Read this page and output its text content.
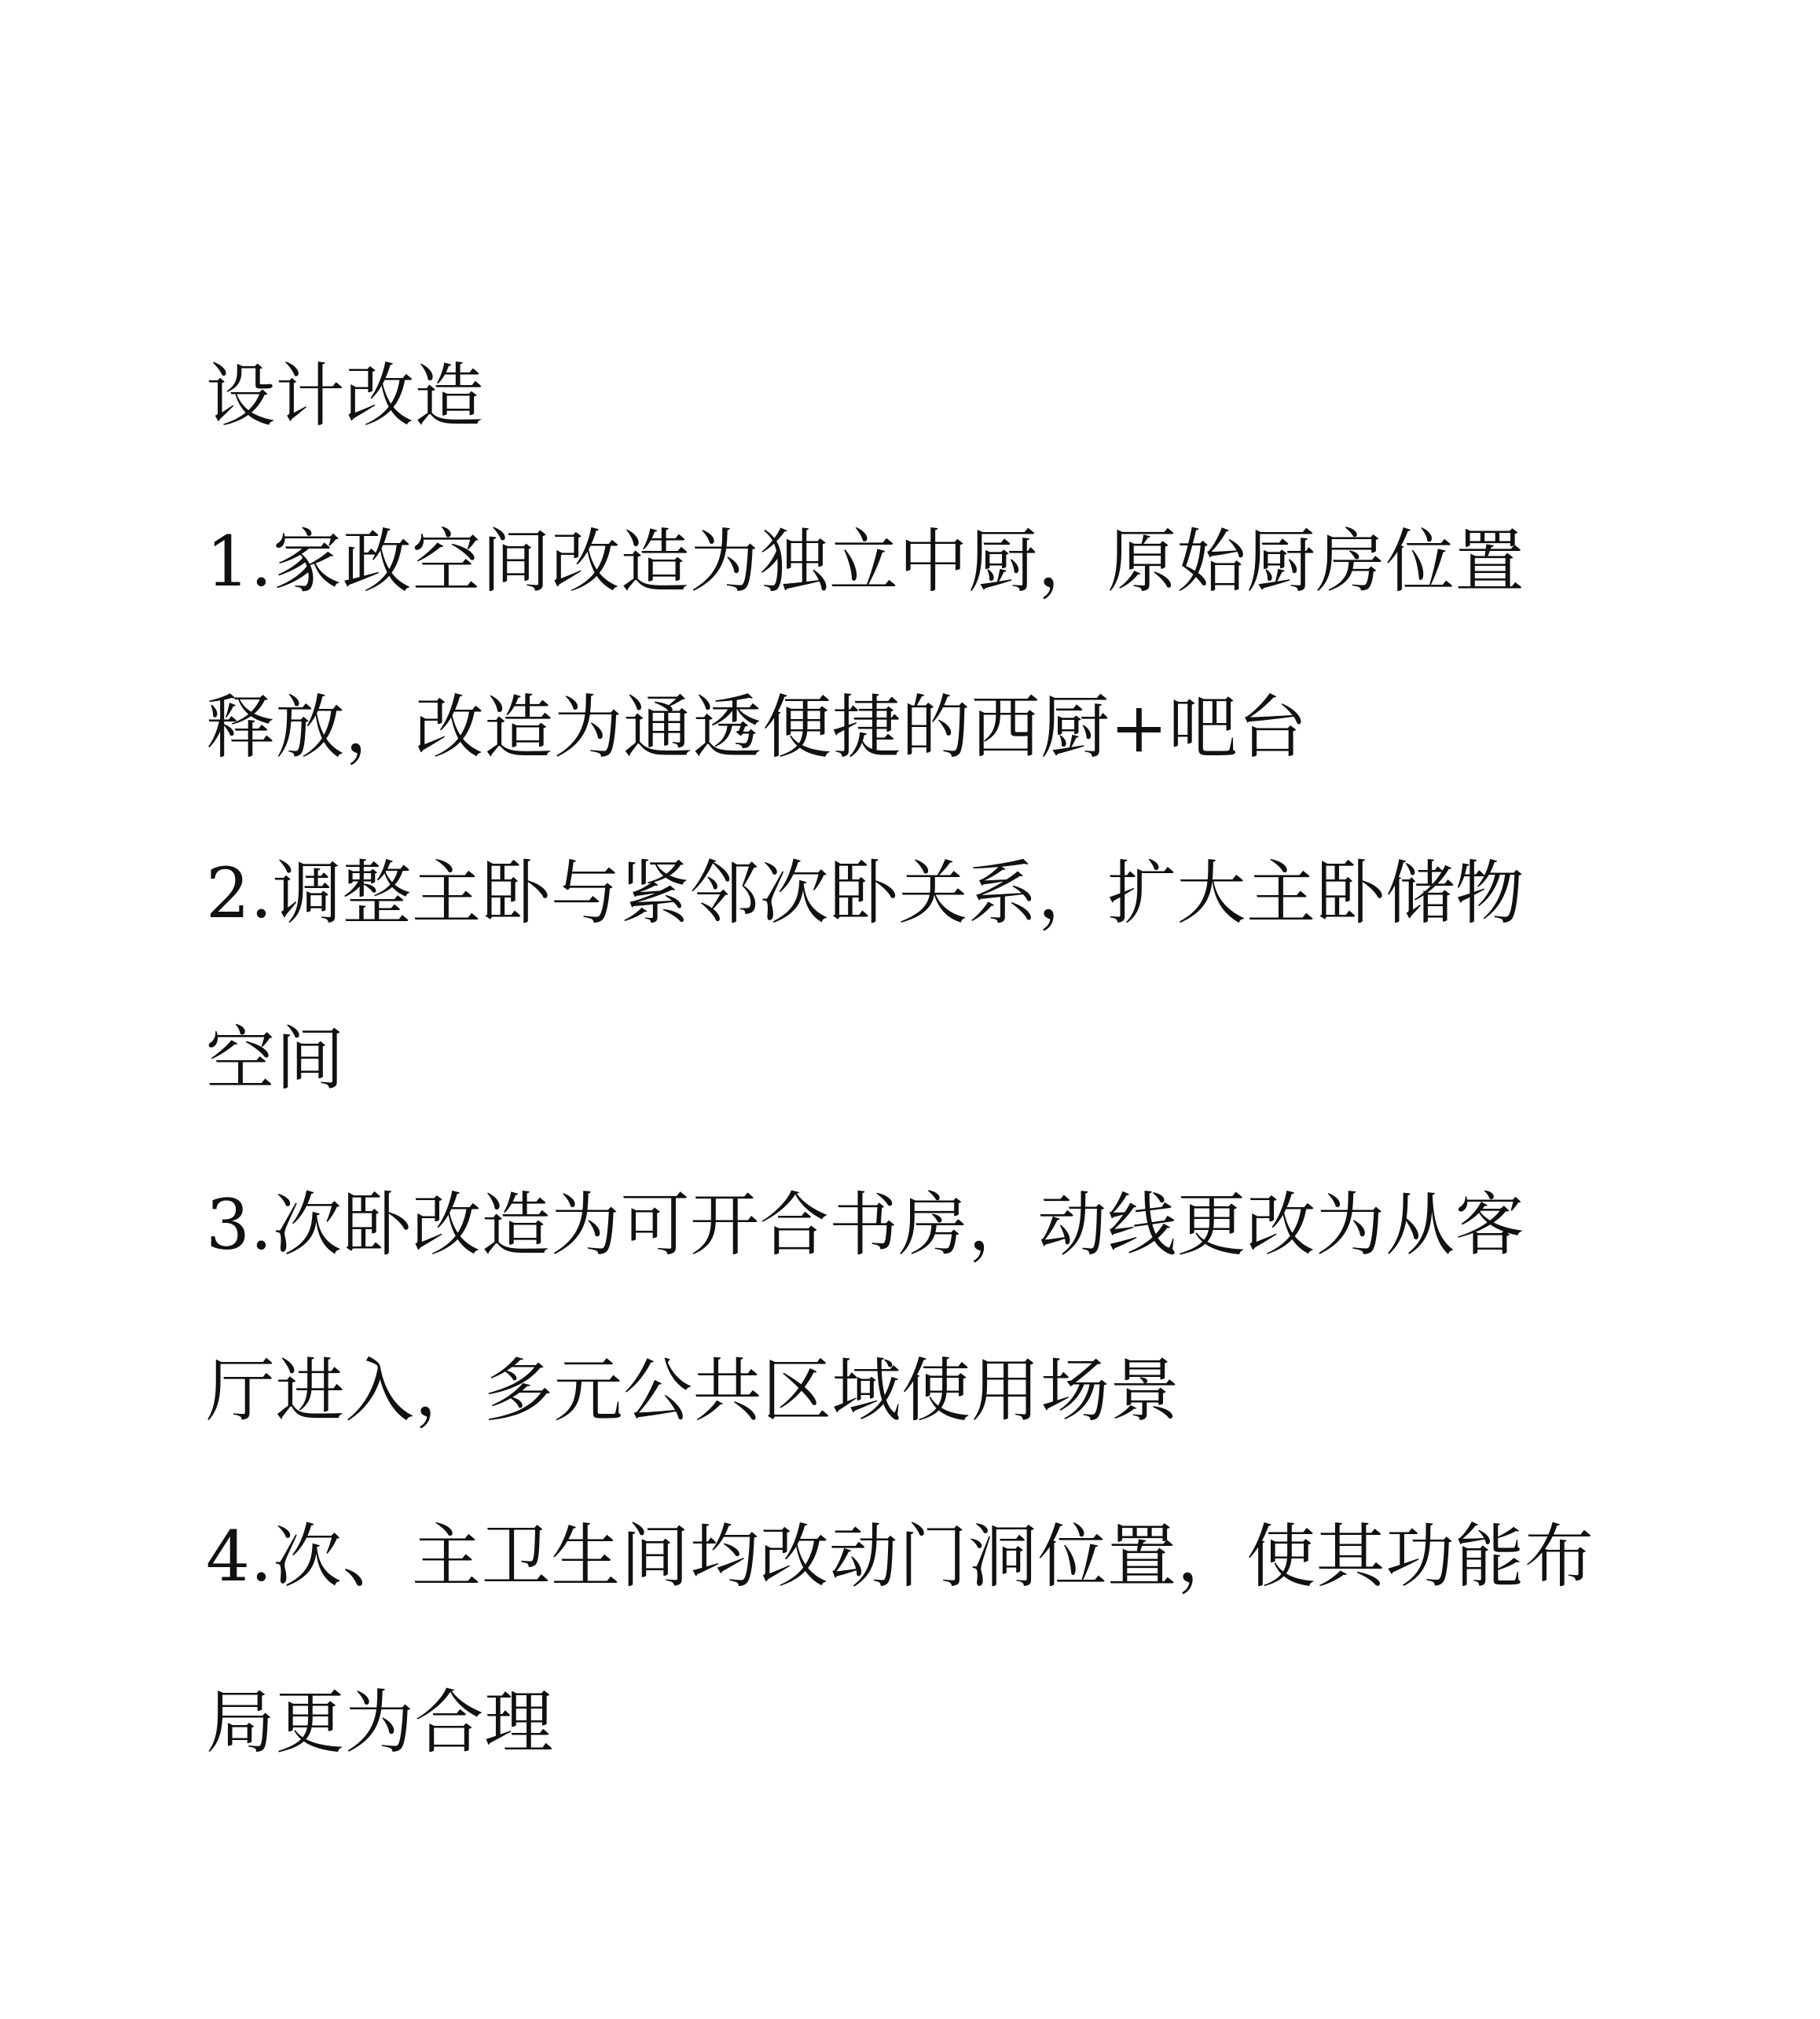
设计改造
1.家政空间改造为独立中厨，原始厨房位置
释放，改造为通透便捷的西厨+吧台
2.调整主卧与紧邻次卧关系，扩大主卧储物
空间
3.次卧改造为可开合书房，动线更改为从客
厅进入，多元公共区域使用场景
4.次、主卫生间均改动门洞位置，使其功能布
局更为合理
